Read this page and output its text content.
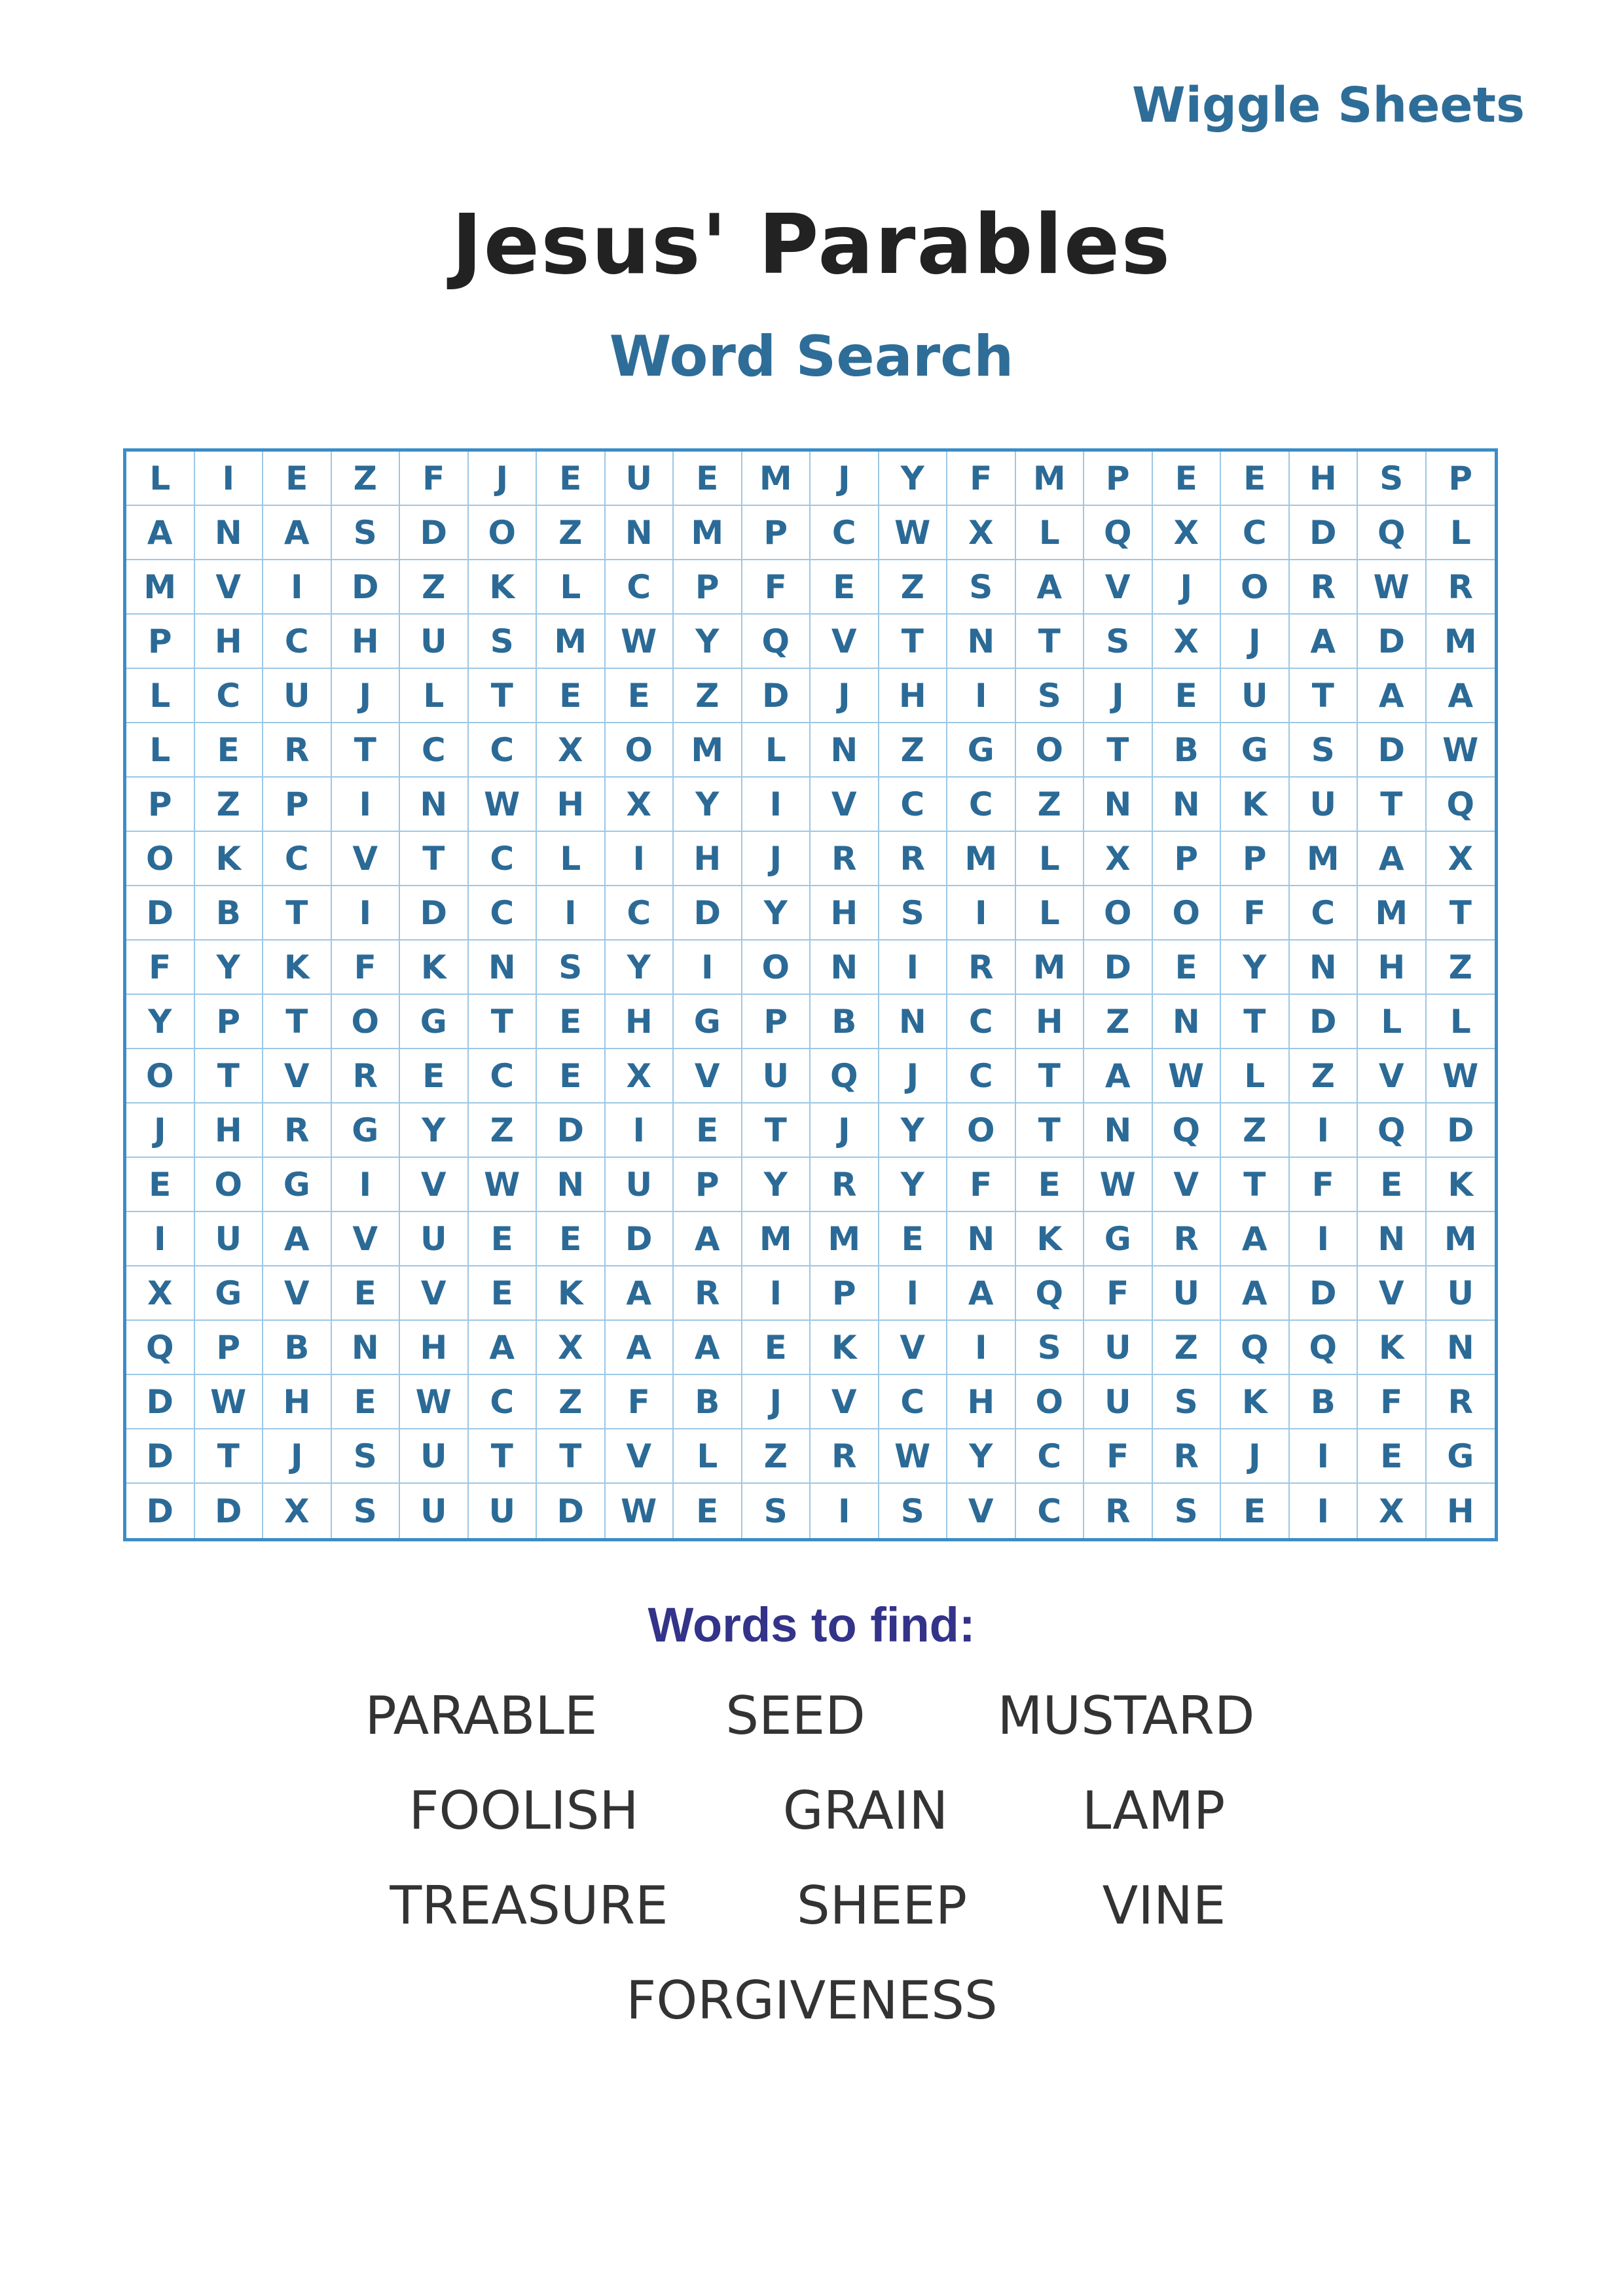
Wiggle Sheets
Jesus' Parables
Word Search
L	I	E	Z	F	J	E	U	E	M	J	Y	F	M	P	E	E	H	S	P
A	N	A	S	D	O	Z	N	M	P	C	W	X	L	Q	X	C	D	Q	L
M	V	I	D	Z	K	L	C	P	F	E	Z	S	A	V	J	O	R	W	R
P	H	C	H	U	S	M	W	Y	Q	V	T	N	T	S	X	J	A	D	M
L	C	U	J	L	T	E	E	Z	D	J	H	I	S	J	E	U	T	A	A
L	E	R	T	C	C	X	O	M	L	N	Z	G	O	T	B	G	S	D	W
P	Z	P	I	N	W	H	X	Y	I	V	C	C	Z	N	N	K	U	T	Q
O	K	C	V	T	C	L	I	H	J	R	R	M	L	X	P	P	M	A	X
D	B	T	I	D	C	I	C	D	Y	H	S	I	L	O	O	F	C	M	T
F	Y	K	F	K	N	S	Y	I	O	N	I	R	M	D	E	Y	N	H	Z
Y	P	T	O	G	T	E	H	G	P	B	N	C	H	Z	N	T	D	L	L
O	T	V	R	E	C	E	X	V	U	Q	J	C	T	A	W	L	Z	V	W
J	H	R	G	Y	Z	D	I	E	T	J	Y	O	T	N	Q	Z	I	Q	D
E	O	G	I	V	W	N	U	P	Y	R	Y	F	E	W	V	T	F	E	K
I	U	A	V	U	E	E	D	A	M	M	E	N	K	G	R	A	I	N	M
X	G	V	E	V	E	K	A	R	I	P	I	A	Q	F	U	A	D	V	U
Q	P	B	N	H	A	X	A	A	E	K	V	I	S	U	Z	Q	Q	K	N
D	W	H	E	W	C	Z	F	B	J	V	C	H	O	U	S	K	B	F	R
D	T	J	S	U	T	T	V	L	Z	R	W	Y	C	F	R	J	I	E	G
D	D	X	S	U	U	D	W	E	S	I	S	V	C	R	S	E	I	X	H
Words to find:
PARABLE SEED	MUSTARD
FOOLISH	GRAIN	LAMP
TREASURE SHEEP	VINE
FORGIVENESS
